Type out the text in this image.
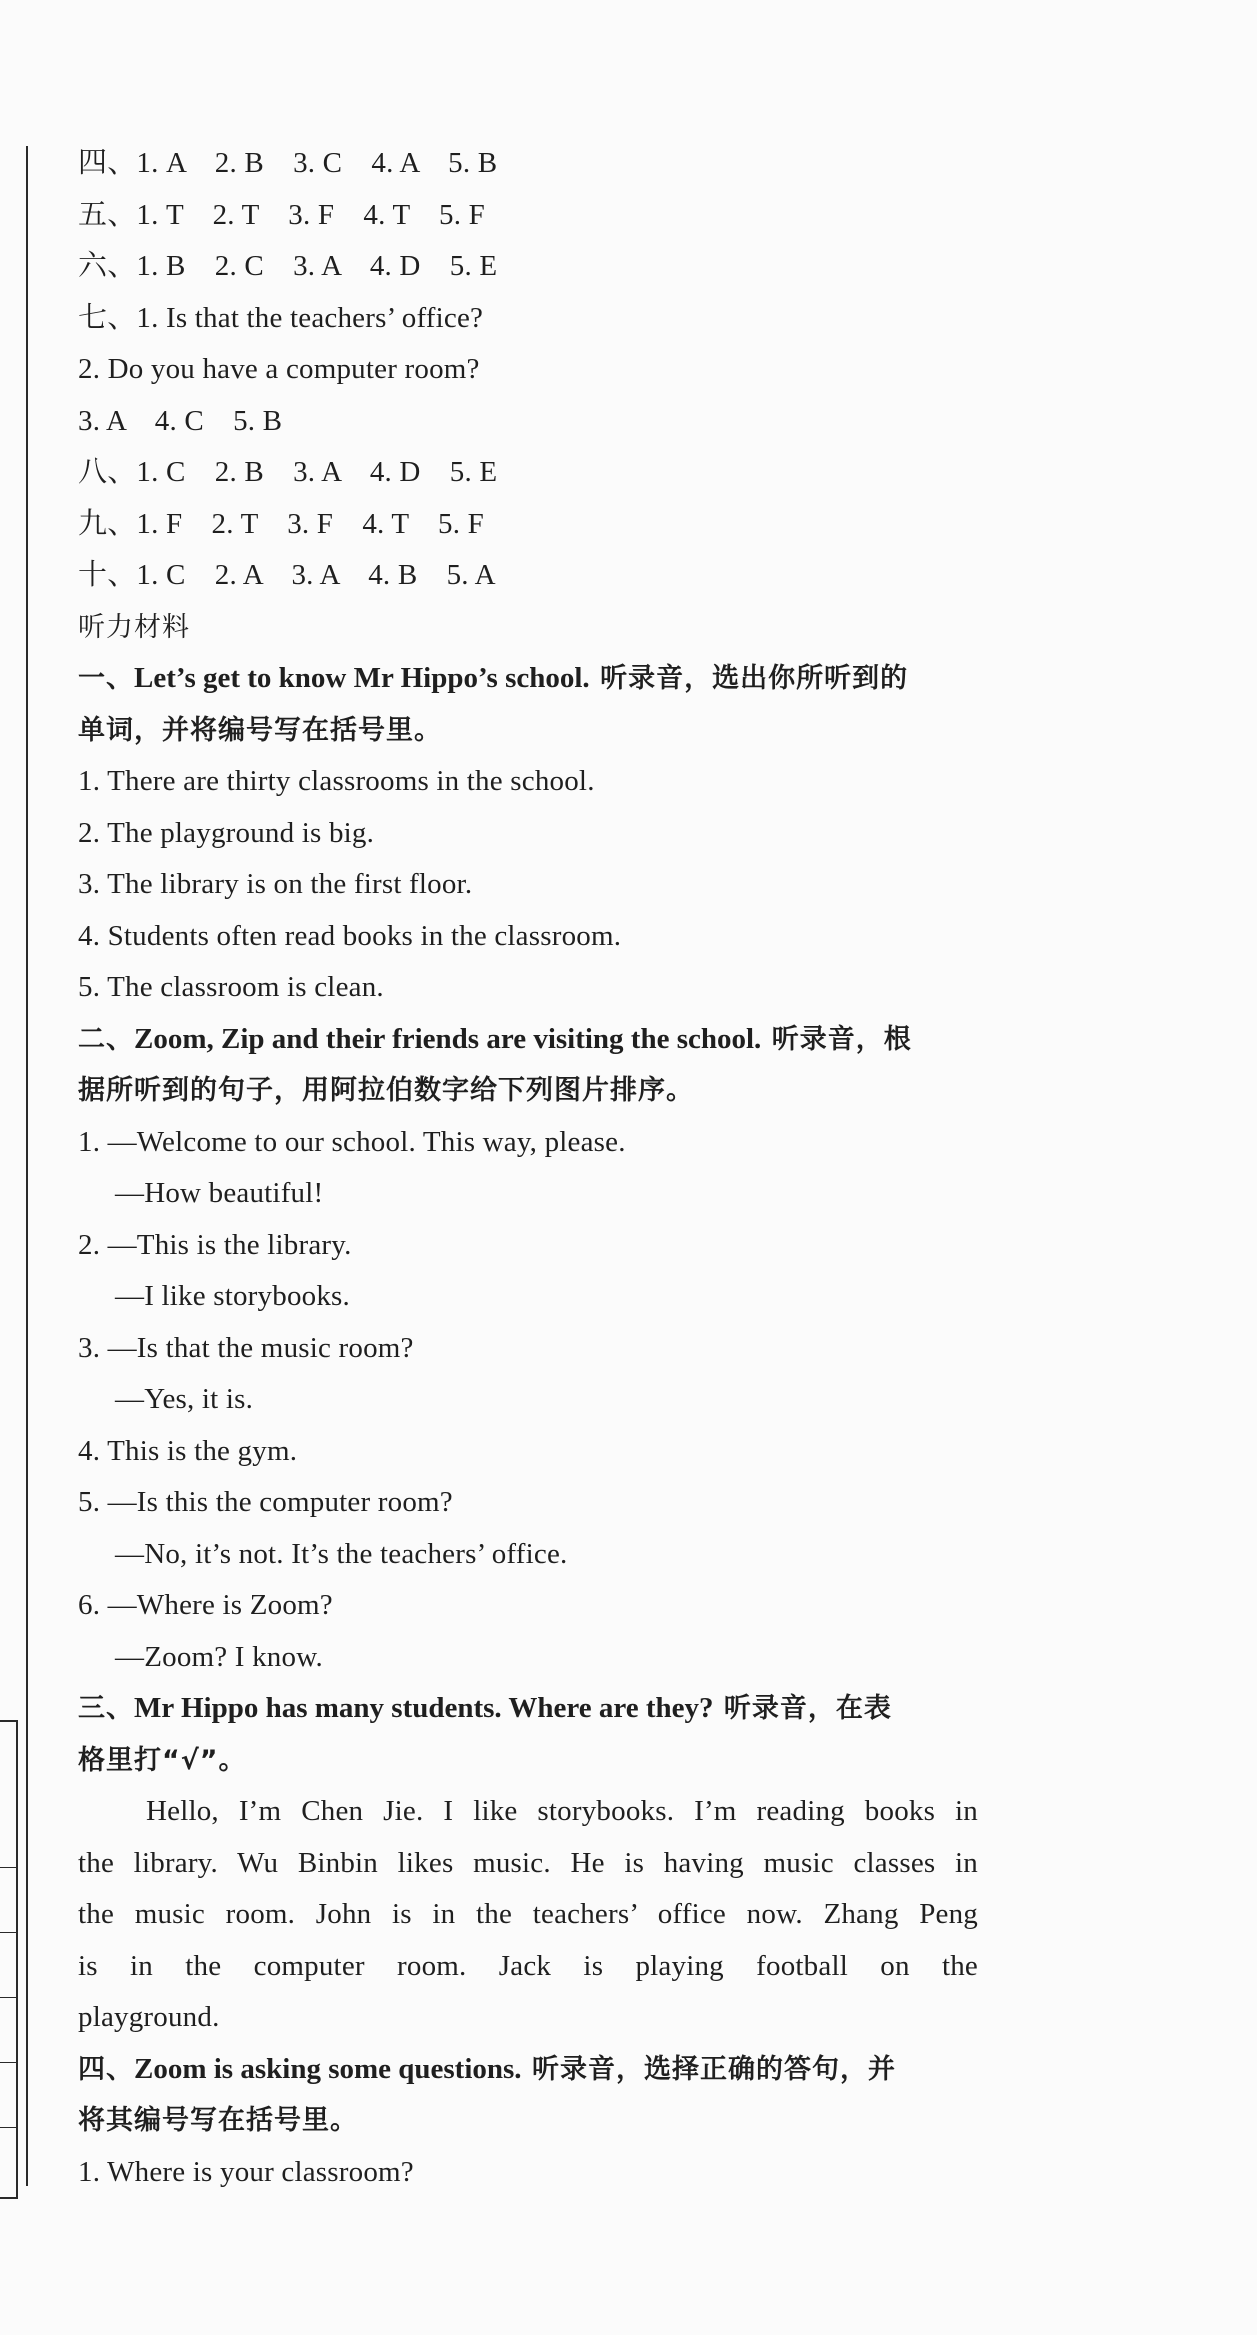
四、1. A　2. B　3. C　4. A　5. B
五、1. T　2. T　3. F　4. T　5. F
六、1. B　2. C　3. A　4. D　5. E
七、1. Is that the teachers’ office?
2. Do you have a computer room?
3. A　4. C　5. B
八、1. C　2. B　3. A　4. D　5. E
九、1. F　2. T　3. F　4. T　5. F
十、1. C　2. A　3. A　4. B　5. A
听力材料
一、Let’s get to know Mr Hippo’s school. 听录音，选出你所听到的
单词，并将编号写在括号里。
1. There are thirty classrooms in the school.
2. The playground is big.
3. The library is on the first floor.
4. Students often read books in the classroom.
5. The classroom is clean.
二、Zoom, Zip and their friends are visiting the school. 听录音，根
据所听到的句子，用阿拉伯数字给下列图片排序。
1. —Welcome to our school. This way, please.
—How beautiful!
2. —This is the library.
—I like storybooks.
3. —Is that the music room?
—Yes, it is.
4. This is the gym.
5. —Is this the computer room?
—No, it’s not. It’s the teachers’ office.
6. —Where is Zoom?
—Zoom? I know.
三、Mr Hippo has many students. Where are they? 听录音，在表
格里打“√”。
Hello, I’m Chen Jie. I like storybooks. I’m reading books in
the library. Wu Binbin likes music. He is having music classes in
the music room. John is in the teachers’ office now. Zhang Peng
is in the computer room. Jack is playing football on the
playground.
四、Zoom is asking some questions. 听录音，选择正确的答句，并
将其编号写在括号里。
1. Where is your classroom?
